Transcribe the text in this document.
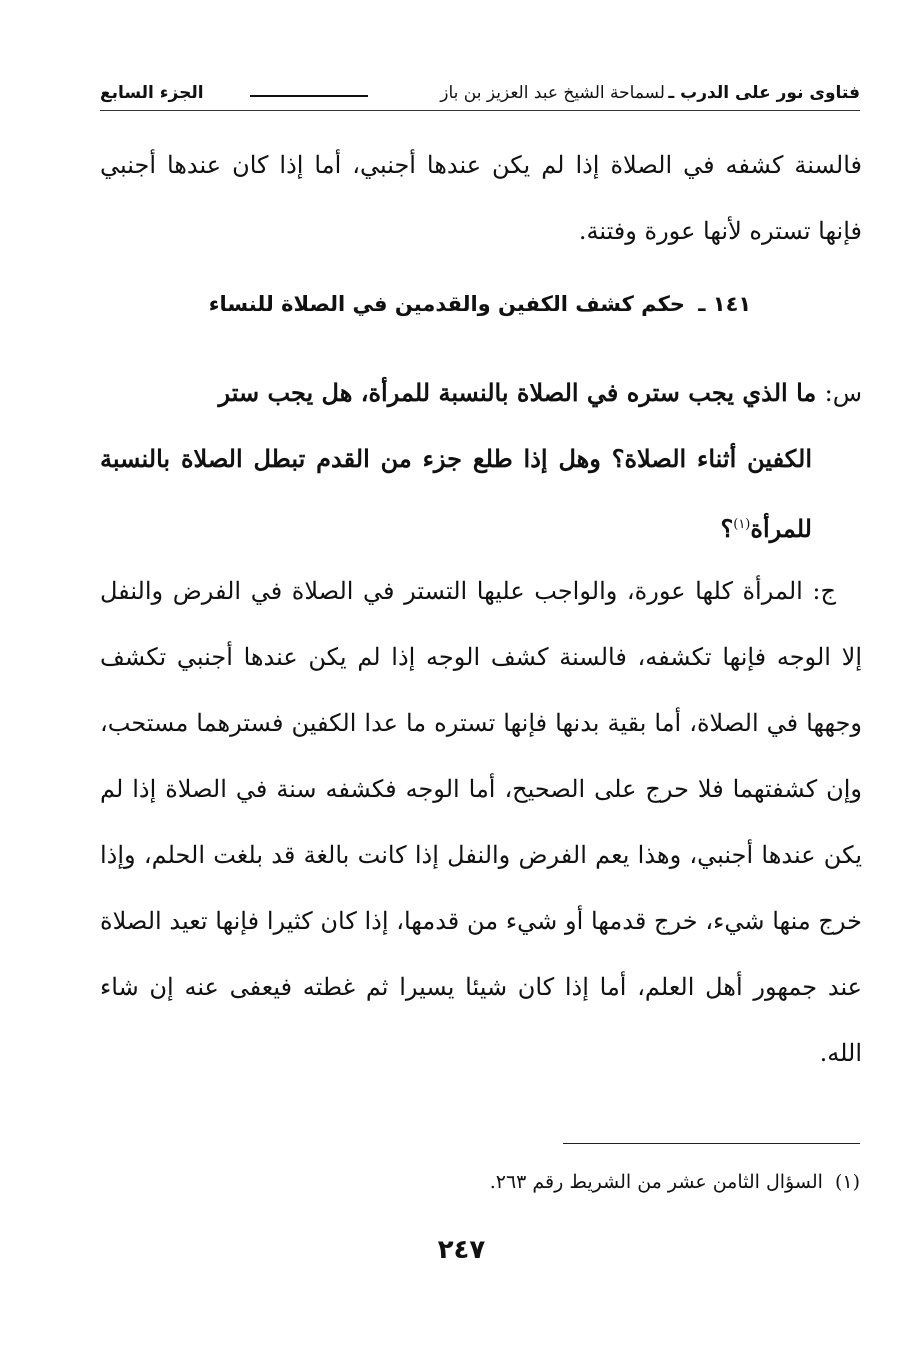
فتاوى نور على الدرب ـ
لسماحة الشيخ عبد العزيز بن باز
الجزء السابع

فالسنة كشفه في الصلاة إذا لم يكن عندها أجنبي، أما إذا كان عندها أجنبي فإنها تستره لأنها عورة وفتنة.

١٤١ ـ حكم كشف الكفين والقدمين في الصلاة للنساء

س: ما الذي يجب ستره في الصلاة بالنسبة للمرأة، هل يجب ستر
الكفين أثناء الصلاة؟ وهل إذا طلع جزء من القدم تبطل الصلاة بالنسبة للمرأة$^{(١)}$؟

ج: المرأة كلها عورة، والواجب عليها التستر في الصلاة في الفرض والنفل إلا الوجه فإنها تكشفه، فالسنة كشف الوجه إذا لم يكن عندها أجنبي تكشف وجهها في الصلاة، أما بقية بدنها فإنها تستره ما عدا الكفين فسترهما مستحب، وإن كشفتهما فلا حرج على الصحيح، أما الوجه فكشفه سنة في الصلاة إذا لم يكن عندها أجنبي، وهذا يعم الفرض والنفل إذا كانت بالغة قد بلغت الحلم، وإذا خرج منها شيء، خرج قدمها أو شيء من قدمها، إذا كان كثيرا فإنها تعيد الصلاة عند جمهور أهل العلم، أما إذا كان شيئا يسيرا ثم غطته فيعفى عنه إن شاء الله.

(١) السؤال الثامن عشر من الشريط رقم ٢٦٣.

٢٤٧
